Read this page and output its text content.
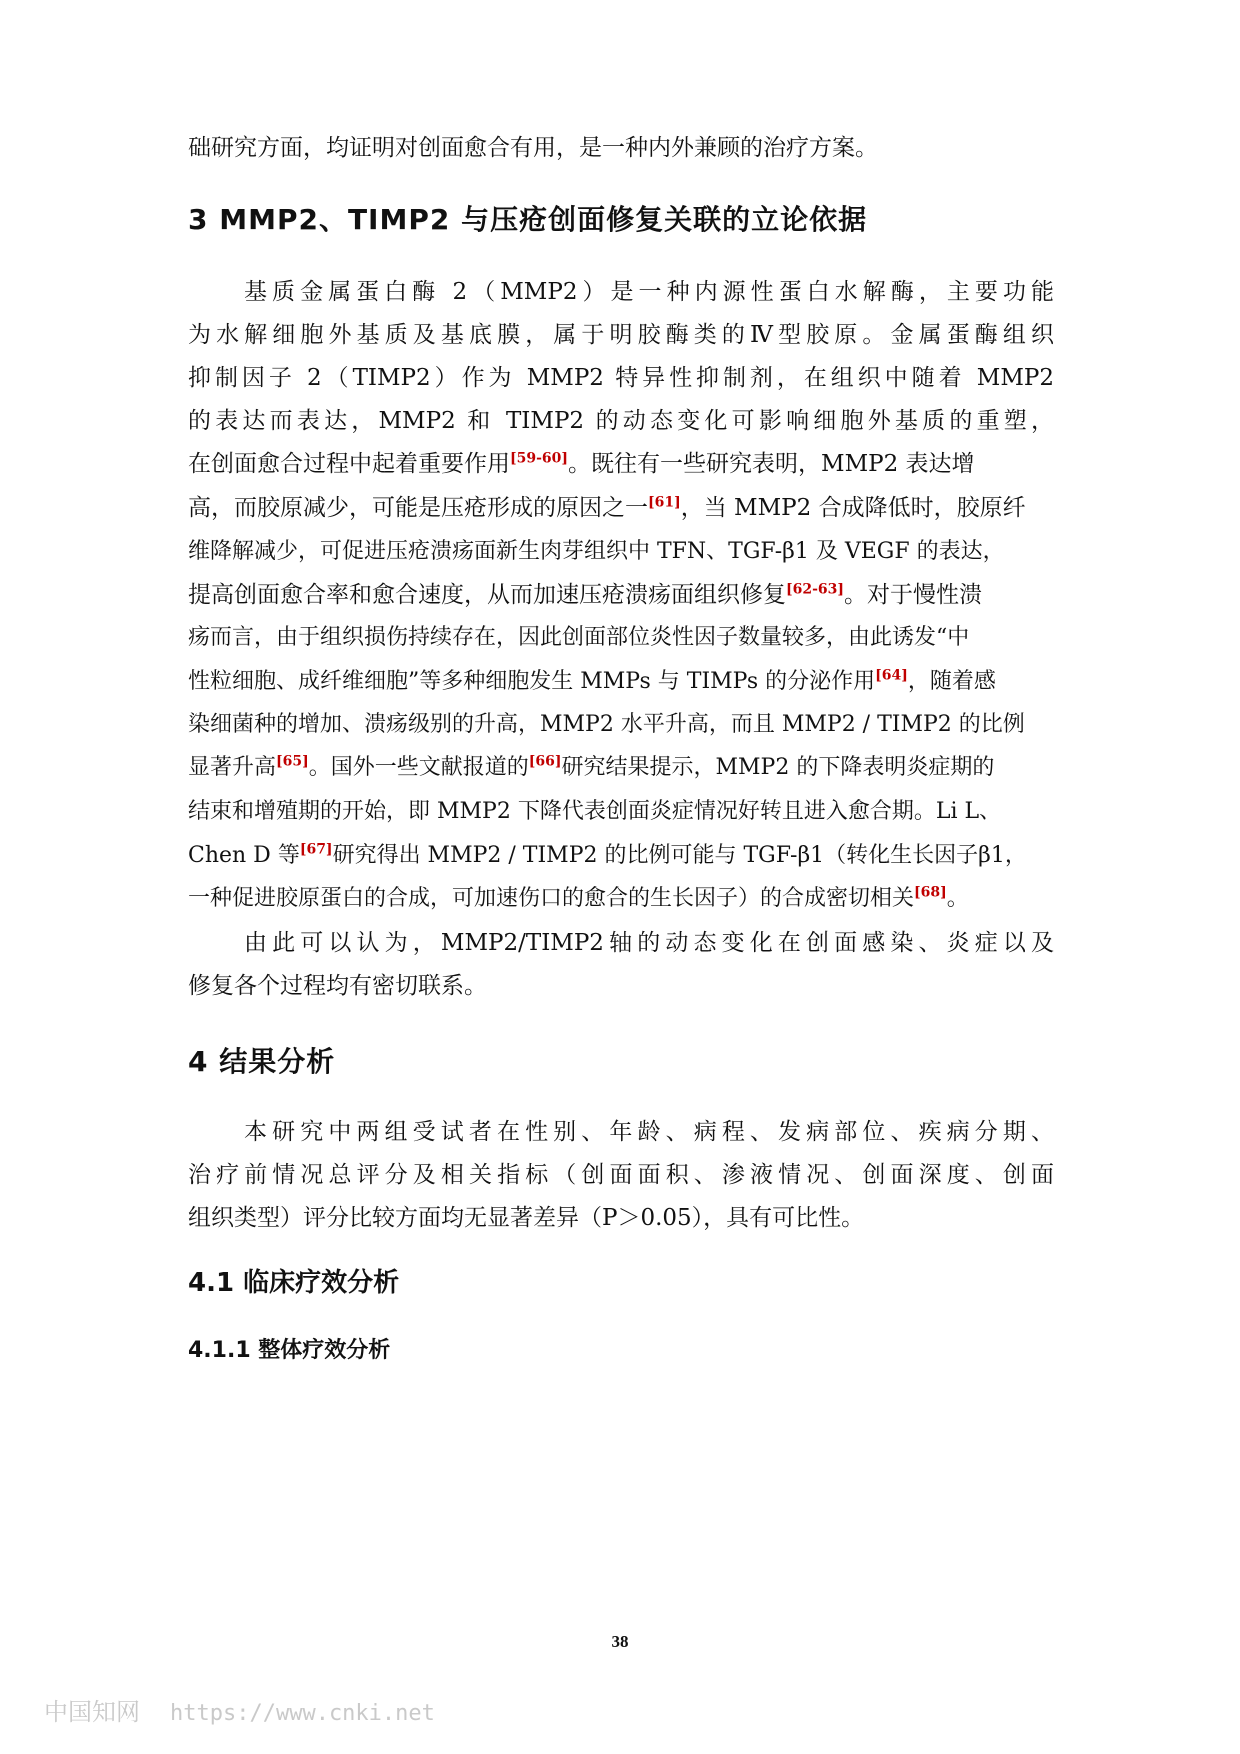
础研究方面，均证明对创面愈合有用，是一种内外兼顾的治疗方案。
3 MMP2、TIMP2 与压疮创面修复关联的立论依据
基质金属蛋白酶 2（MMP2）是一种内源性蛋白水解酶，主要功能
为水解细胞外基质及基底膜，属于明胶酶类的Ⅳ型胶原。金属蛋酶组织
抑制因子 2（TIMP2）作为 MMP2 特异性抑制剂，在组织中随着 MMP2
的表达而表达，MMP2 和 TIMP2 的动态变化可影响细胞外基质的重塑，
在创面愈合过程中起着重要作用[59-60]。既往有一些研究表明，MMP2 表达增
高，而胶原减少，可能是压疮形成的原因之一[61]，当 MMP2 合成降低时，胶原纤
维降解减少，可促进压疮溃疡面新生肉芽组织中 TFN、TGF-β1 及 VEGF 的表达，
提高创面愈合率和愈合速度，从而加速压疮溃疡面组织修复[62-63]。对于慢性溃
疡而言，由于组织损伤持续存在，因此创面部位炎性因子数量较多，由此诱发“中
性粒细胞、成纤维细胞”等多种细胞发生 MMPs 与 TIMPs 的分泌作用[64]，随着感
染细菌种的增加、溃疡级别的升高，MMP2 水平升高，而且 MMP2 / TIMP2 的比例
显著升高[65]。国外一些文献报道的[66]研究结果提示，MMP2 的下降表明炎症期的
结束和增殖期的开始，即 MMP2 下降代表创面炎症情况好转且进入愈合期。Li L、
Chen D 等[67]研究得出 MMP2 / TIMP2 的比例可能与 TGF-β1（转化生长因子β1，
一种促进胶原蛋白的合成，可加速伤口的愈合的生长因子）的合成密切相关[68]。
由此可以认为，MMP2/TIMP2轴的动态变化在创面感染、炎症以及
修复各个过程均有密切联系。
4 结果分析
本研究中两组受试者在性别、年龄、病程、发病部位、疾病分期、
治疗前情况总评分及相关指标（创面面积、渗液情况、创面深度、创面
组织类型）评分比较方面均无显著差异（P＞0.05），具有可比性。
4.1 临床疗效分析
4.1.1 整体疗效分析
38
中国知网 https://www.cnki.net
